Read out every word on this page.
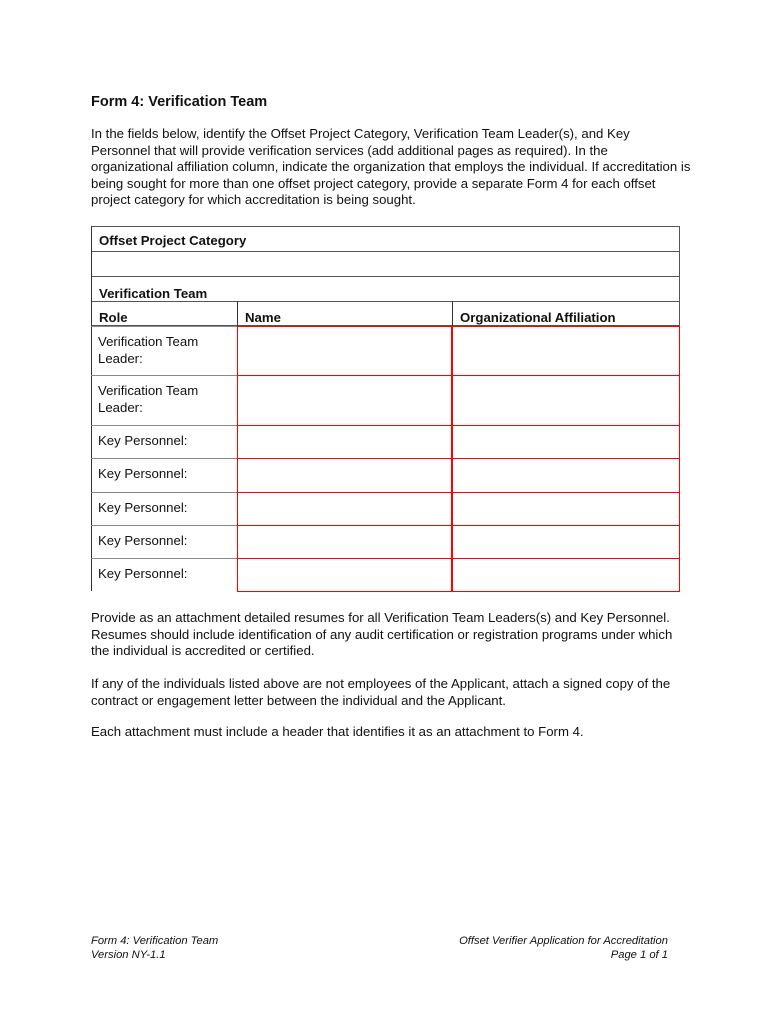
Form 4: Verification Team
In the fields below, identify the Offset Project Category, Verification Team Leader(s), and Key Personnel that will provide verification services (add additional pages as required). In the organizational affiliation column, indicate the organization that employs the individual. If accreditation is being sought for more than one offset project category, provide a separate Form 4 for each offset project category for which accreditation is being sought.
Offset Project Category
Verification Team
Role	Name	Organizational Affiliation
Verification Team Leader:
Verification Team Leader:
Key Personnel:
Key Personnel:
Key Personnel:
Key Personnel:
Key Personnel:
Provide as an attachment detailed resumes for all Verification Team Leaders(s) and Key Personnel. Resumes should include identification of any audit certification or registration programs under which the individual is accredited or certified.
If any of the individuals listed above are not employees of the Applicant, attach a signed copy of the contract or engagement letter between the individual and the Applicant.
Each attachment must include a header that identifies it as an attachment to Form 4.
Form 4: Verification Team
Version NY-1.1
Offset Verifier Application for Accreditation
Page 1 of 1
